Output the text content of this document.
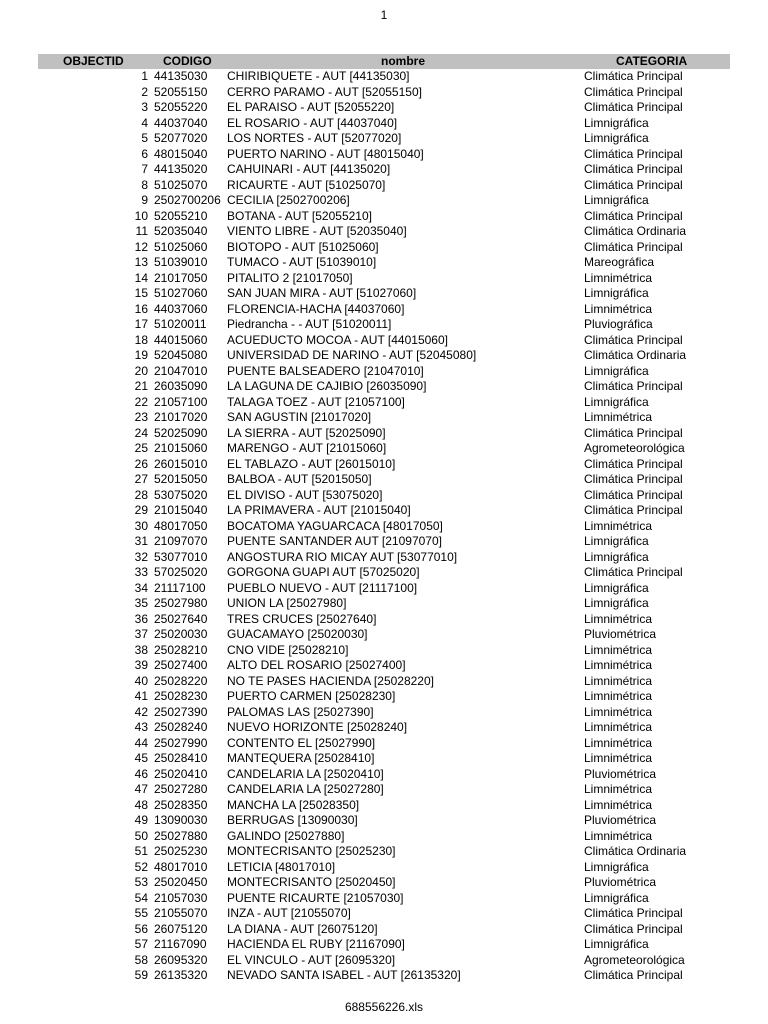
1
OBJECTID	CODIGO	nombre	CATEGORIA
1 44135030	CHIRIBIQUETE - AUT [44135030]	Climática Principal
2 52055150	CERRO PARAMO - AUT [52055150]	Climática Principal
3 52055220	EL PARAISO - AUT [52055220]	Climática Principal
4 44037040	EL ROSARIO - AUT [44037040]	Limnigráfica
5 52077020	LOS NORTES - AUT [52077020]	Limnigráfica
6 48015040	PUERTO NARINO - AUT [48015040]	Climática Principal
7 44135020	CAHUINARI - AUT [44135020]	Climática Principal
8 51025070	RICAURTE - AUT [51025070]	Climática Principal
9 2502700206 CECILIA [2502700206]	Limnigráfica
10 52055210	BOTANA - AUT [52055210]	Climática Principal
11 52035040	VIENTO LIBRE - AUT [52035040]	Climática Ordinaria
12 51025060	BIOTOPO - AUT [51025060]	Climática Principal
13 51039010	TUMACO - AUT [51039010]	Mareográfica
14 21017050	PITALITO 2 [21017050]	Limnimétrica
15 51027060	SAN JUAN MIRA - AUT [51027060]	Limnigráfica
16 44037060	FLORENCIA-HACHA [44037060]	Limnimétrica
17 51020011	Piedrancha - - AUT [51020011]	Pluviográfica
18 44015060	ACUEDUCTO MOCOA - AUT [44015060]	Climática Principal
19 52045080	UNIVERSIDAD DE NARINO - AUT [52045080]	Climática Ordinaria
20 21047010	PUENTE BALSEADERO [21047010]	Limnigráfica
21 26035090	LA LAGUNA DE CAJIBIO [26035090]	Climática Principal
22 21057100	TALAGA TOEZ - AUT [21057100]	Limnigráfica
23 21017020	SAN AGUSTIN [21017020]	Limnimétrica
24 52025090	LA SIERRA - AUT [52025090]	Climática Principal
25 21015060	MARENGO - AUT [21015060]	Agrometeorológica
26 26015010	EL TABLAZO - AUT [26015010]	Climática Principal
27 52015050	BALBOA - AUT [52015050]	Climática Principal
28 53075020	EL DIVISO - AUT [53075020]	Climática Principal
29 21015040	LA PRIMAVERA - AUT [21015040]	Climática Principal
30 48017050	BOCATOMA YAGUARCACA [48017050]	Limnimétrica
31 21097070	PUENTE SANTANDER AUT [21097070]	Limnigráfica
32 53077010	ANGOSTURA RIO MICAY AUT [53077010]	Limnigráfica
33 57025020	GORGONA GUAPI AUT [57025020]	Climática Principal
34 21117100	PUEBLO NUEVO - AUT [21117100]	Limnigráfica
35 25027980	UNION LA [25027980]	Limnigráfica
36 25027640	TRES CRUCES [25027640]	Limnimétrica
37 25020030	GUACAMAYO [25020030]	Pluviométrica
38 25028210	CNO VIDE [25028210]	Limnimétrica
39 25027400	ALTO DEL ROSARIO [25027400]	Limnimétrica
40 25028220	NO TE PASES HACIENDA [25028220]	Limnimétrica
41 25028230	PUERTO CARMEN [25028230]	Limnimétrica
42 25027390	PALOMAS LAS [25027390]	Limnimétrica
43 25028240	NUEVO HORIZONTE [25028240]	Limnimétrica
44 25027990	CONTENTO EL [25027990]	Limnimétrica
45 25028410	MANTEQUERA [25028410]	Limnimétrica
46 25020410	CANDELARIA LA [25020410]	Pluviométrica
47 25027280	CANDELARIA LA [25027280]	Limnimétrica
48 25028350	MANCHA LA [25028350]	Limnimétrica
49 13090030	BERRUGAS [13090030]	Pluviométrica
50 25027880	GALINDO [25027880]	Limnimétrica
51 25025230	MONTECRISANTO [25025230]	Climática Ordinaria
52 48017010	LETICIA [48017010]	Limnigráfica
53 25020450	MONTECRISANTO [25020450]	Pluviométrica
54 21057030	PUENTE RICAURTE [21057030]	Limnigráfica
55 21055070	INZA - AUT [21055070]	Climática Principal
56 26075120	LA DIANA - AUT [26075120]	Climática Principal
57 21167090	HACIENDA EL RUBY [21167090]	Limnigráfica
58 26095320	EL VINCULO - AUT [26095320]	Agrometeorológica
59 26135320	NEVADO SANTA ISABEL - AUT [26135320]	Climática Principal
688556226.xls
